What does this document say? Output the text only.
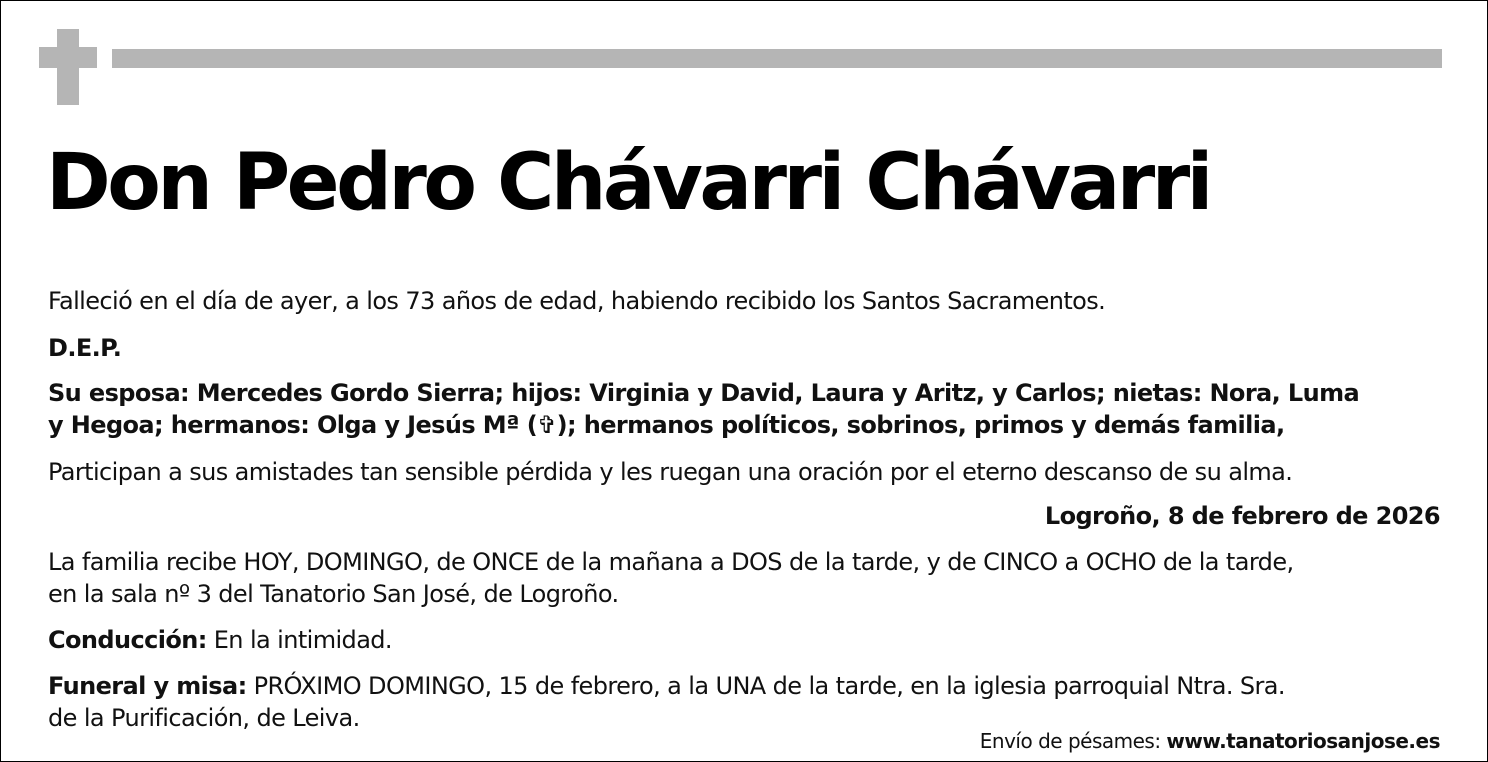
Don Pedro Chávarri Chávarri

Falleció en el día de ayer, a los 73 años de edad, habiendo recibido los Santos Sacramentos.

D.E.P.

Su esposa: Mercedes Gordo Sierra; hijos: Virginia y David, Laura y Aritz, y Carlos; nietas: Nora, Luma

y Hegoa; hermanos: Olga y Jesús Mª (✞); hermanos políticos, sobrinos, primos y demás familia,

Participan a sus amistades tan sensible pérdida y les ruegan una oración por el eterno descanso de su alma.

Logroño, 8 de febrero de 2026

La familia recibe HOY, DOMINGO, de ONCE de la mañana a DOS de la tarde, y de CINCO a OCHO de la tarde,

en la sala nº 3 del Tanatorio San José, de Logroño.

Conducción: En la intimidad.

Funeral y misa: PRÓXIMO DOMINGO, 15 de febrero, a la UNA de la tarde, en la iglesia parroquial Ntra. Sra.

de la Purificación, de Leiva.

Envío de pésames: www.tanatoriosanjose.es
